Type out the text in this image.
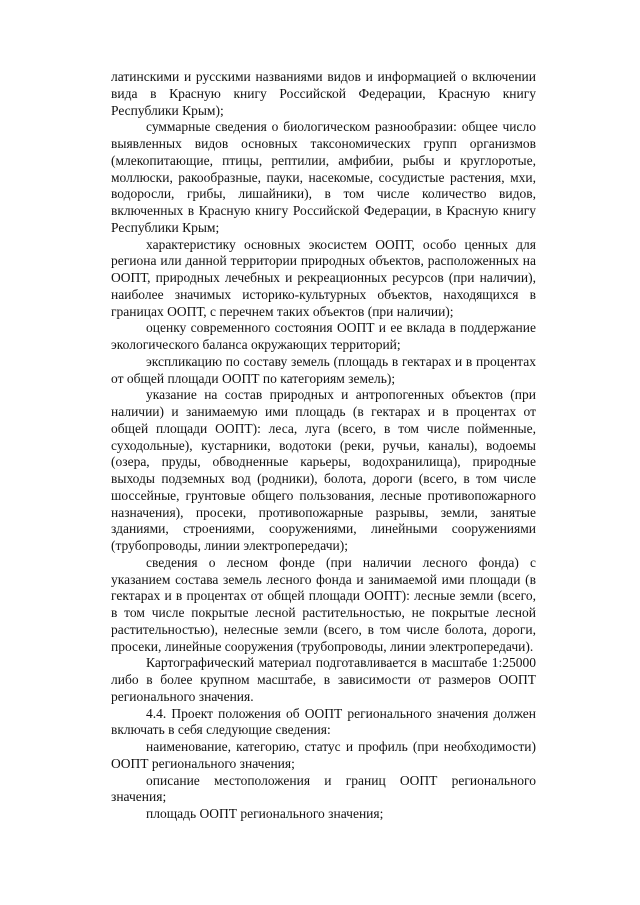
латинскими и русскими названиями видов и информацией о включении вида в Красную книгу Российской Федерации, Красную книгу Республики Крым);

суммарные сведения о биологическом разнообразии: общее число выявленных видов основных таксономических групп организмов (млекопитающие, птицы, рептилии, амфибии, рыбы и круглоротые, моллюски, ракообразные, пауки, насекомые, сосудистые растения, мхи, водоросли, грибы, лишайники), в том числе количество видов, включенных в Красную книгу Российской Федерации, в Красную книгу Республики Крым;

характеристику основных экосистем ООПТ, особо ценных для региона или данной территории природных объектов, расположенных на ООПТ, природных лечебных и рекреационных ресурсов (при наличии), наиболее значимых историко-культурных объектов, находящихся в границах ООПТ, с перечнем таких объектов (при наличии);

оценку современного состояния ООПТ и ее вклада в поддержание экологического баланса окружающих территорий;

экспликацию по составу земель (площадь в гектарах и в процентах от общей площади ООПТ по категориям земель);

указание на состав природных и антропогенных объектов (при наличии) и занимаемую ими площадь (в гектарах и в процентах от общей площади ООПТ): леса, луга (всего, в том числе пойменные, суходольные), кустарники, водотоки (реки, ручьи, каналы), водоемы (озера, пруды, обводненные карьеры, водохранилища), природные выходы подземных вод (родники), болота, дороги (всего, в том числе шоссейные, грунтовые общего пользования, лесные противопожарного назначения), просеки, противопожарные разрывы, земли, занятые зданиями, строениями, сооружениями, линейными сооружениями (трубопроводы, линии электропередачи);

сведения о лесном фонде (при наличии лесного фонда) с указанием состава земель лесного фонда и занимаемой ими площади (в гектарах и в процентах от общей площади ООПТ): лесные земли (всего, в том числе покрытые лесной растительностью, не покрытые лесной растительностью), нелесные земли (всего, в том числе болота, дороги, просеки, линейные сооружения (трубопроводы, линии электропередачи).

Картографический материал подготавливается в масштабе 1:25000 либо в более крупном масштабе, в зависимости от размеров ООПТ регионального значения.

4.4. Проект положения об ООПТ регионального значения должен включать в себя следующие сведения:

наименование, категорию, статус и профиль (при необходимости) ООПТ регионального значения;

описание местоположения и границ ООПТ регионального значения;

площадь ООПТ регионального значения;
